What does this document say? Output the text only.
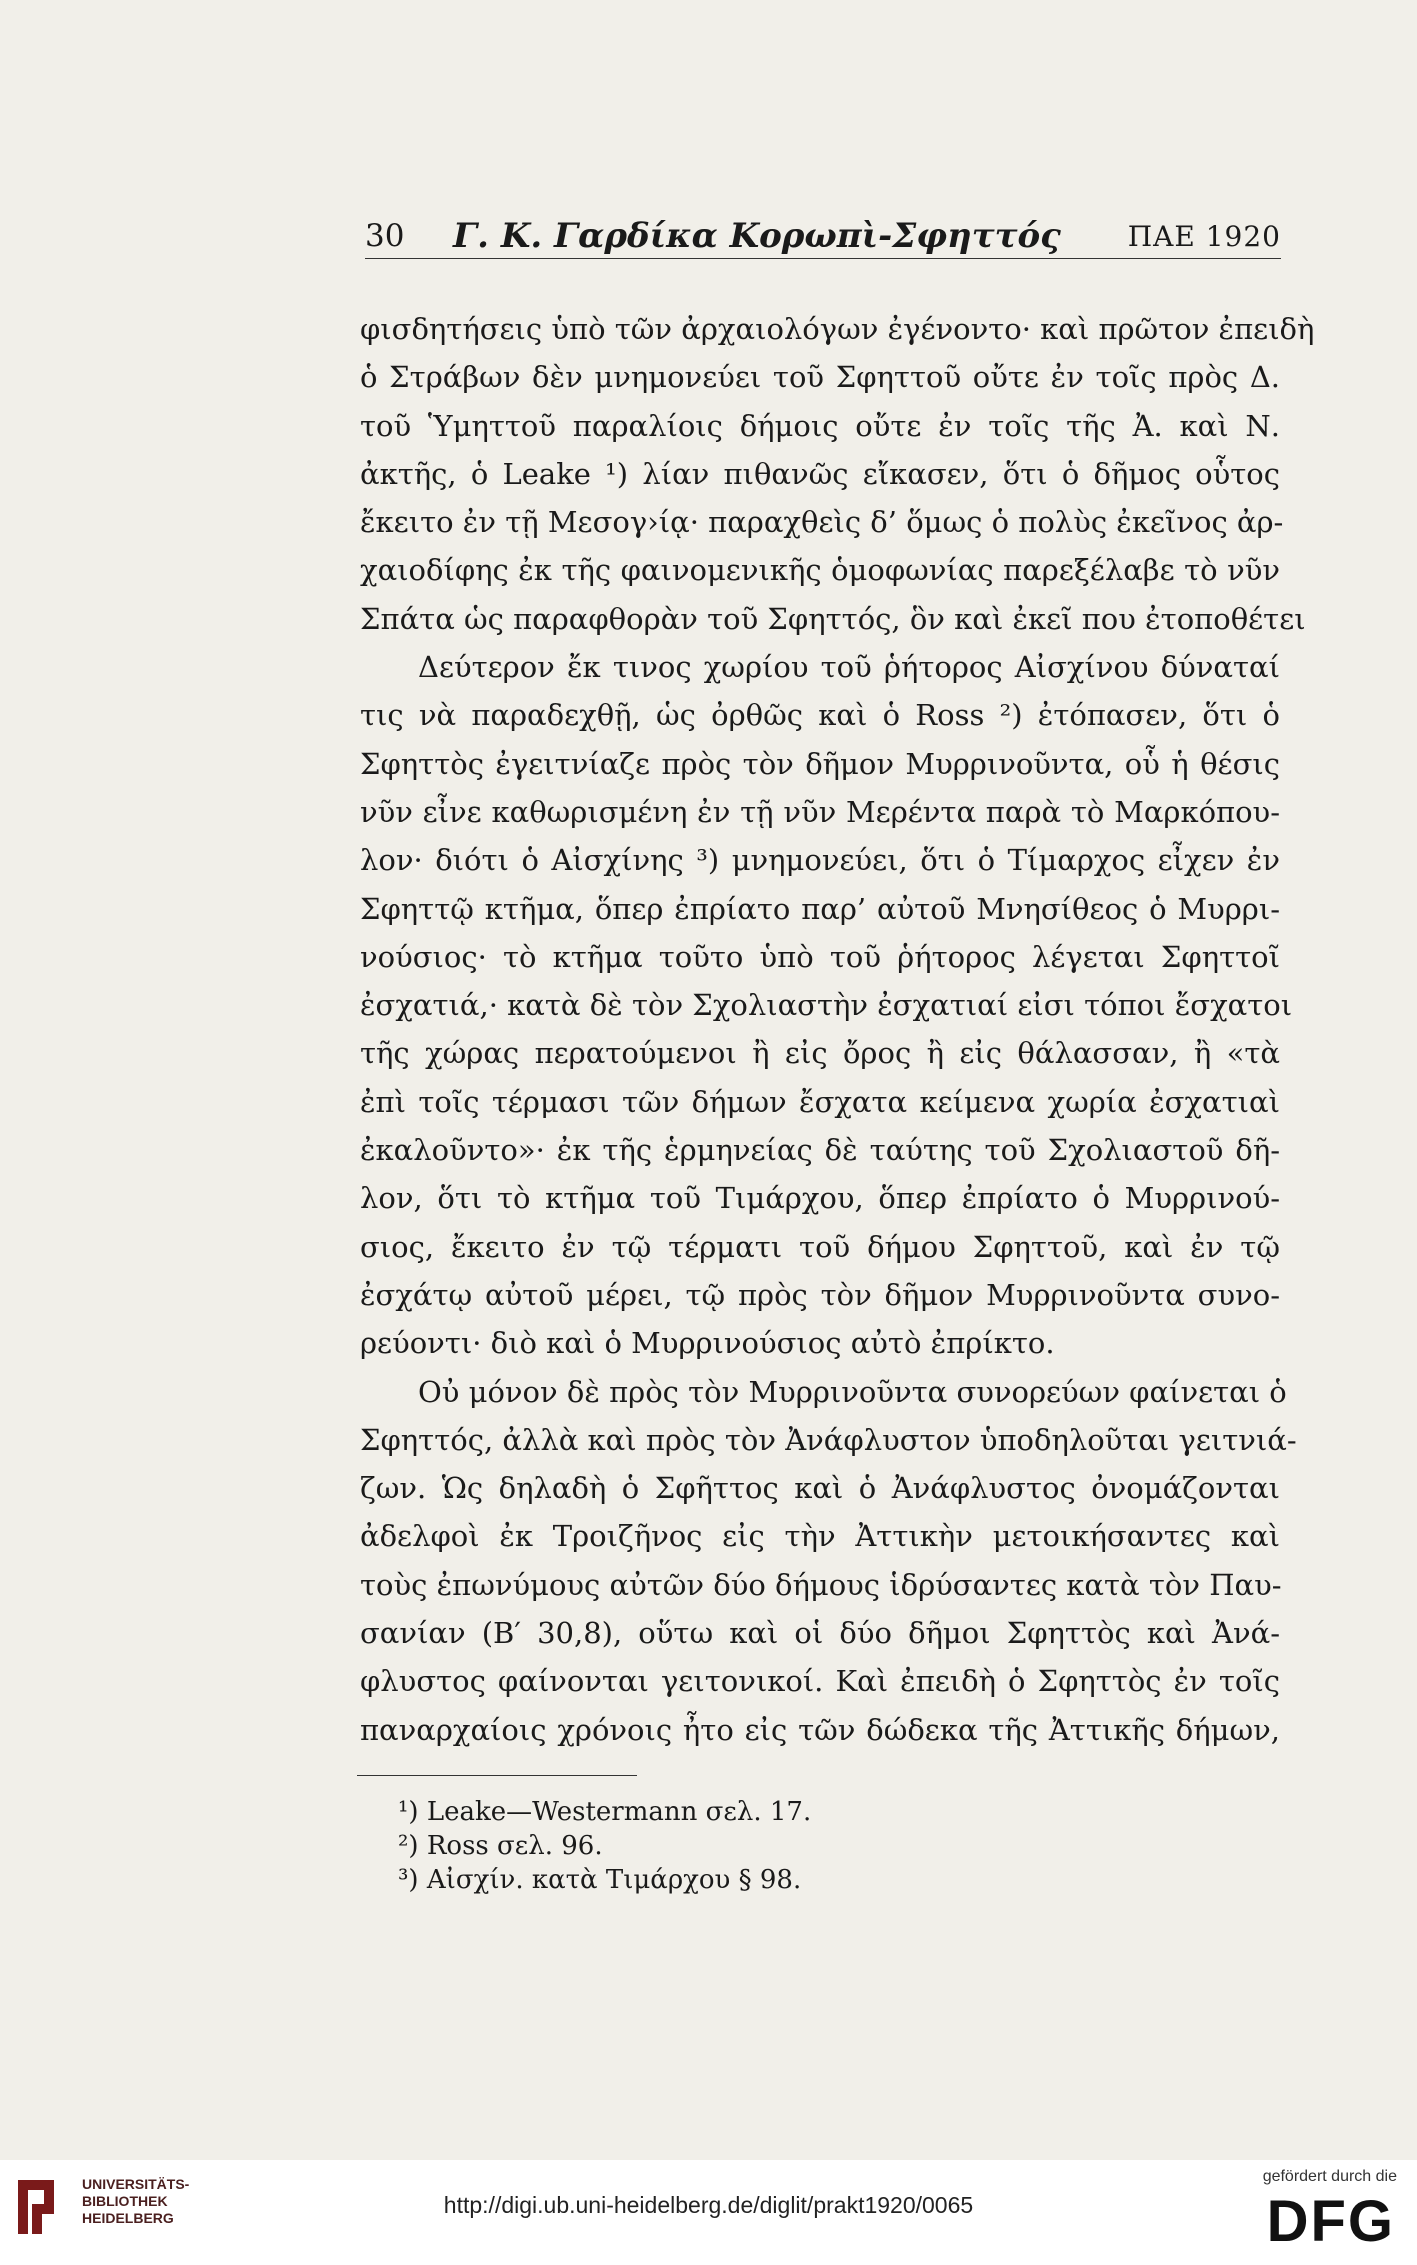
30 Γ. Κ. Γαρδίκα Κορωπὶ-Σφηττός ΠΑΕ 1920
φισδητήσεις ὑπὸ τῶν ἀρχαιολόγων ἐγένοντο· καὶ πρῶτον ἐπειδὴ
ὁ Στράβων δὲν μνημονεύει τοῦ Σφηττοῦ οὔτε ἐν τοῖς πρὸς Δ.
τοῦ Ὑμηττοῦ παραλίοις δήμοις οὔτε ἐν τοῖς τῆς Ἀ. καὶ Ν.
ἀκτῆς, ὁ Leake ¹) λίαν πιθανῶς εἴκασεν, ὅτι ὁ δῆμος οὗτος
ἔκειτο ἐν τῇ Μεσογ›ίᾳ· παραχθεὶς δ’ ὅμως ὁ πολὺς ἐκεῖνος ἀρ-
χαιοδίφης ἐκ τῆς φαινομενικῆς ὁμοφωνίας παρεξέλαβε τὸ νῦν
Σπάτα ὡς παραφθορὰν τοῦ Σφηττός, ὃν καὶ ἐκεῖ που ἐτοποθέτει
Δεύτερον ἔκ τινος χωρίου τοῦ ῥήτορος Αἰσχίνου δύναταί
τις νὰ παραδεχθῇ, ὡς ὀρθῶς καὶ ὁ Ross ²) ἐτόπασεν, ὅτι ὁ
Σφηττὸς ἐγειτνίαζε πρὸς τὸν δῆμον Μυρρινοῦντα, οὗ ἡ θέσις
νῦν εἶνε καθωρισμένη ἐν τῇ νῦν Μερέντα παρὰ τὸ Μαρκόπου-
λον· διότι ὁ Αἰσχίνης ³) μνημονεύει, ὅτι ὁ Τίμαρχος εἶχεν ἐν
Σφηττῷ κτῆμα, ὅπερ ἐπρίατο παρ’ αὐτοῦ Μνησίθεος ὁ Μυρρι-
νούσιος· τὸ κτῆμα τοῦτο ὑπὸ τοῦ ῥήτορος λέγεται Σφηττοῖ
ἐσχατιά,· κατὰ δὲ τὸν Σχολιαστὴν ἐσχατιαί εἰσι τόποι ἔσχατοι
τῆς χώρας περατούμενοι ἢ εἰς ὄρος ἢ εἰς θάλασσαν, ἢ «τὰ
ἐπὶ τοῖς τέρμασι τῶν δήμων ἔσχατα κείμενα χωρία ἐσχατιαὶ
ἐκαλοῦντο»· ἐκ τῆς ἑρμηνείας δὲ ταύτης τοῦ Σχολιαστοῦ δῆ-
λον, ὅτι τὸ κτῆμα τοῦ Τιμάρχου, ὅπερ ἐπρίατο ὁ Μυρρινού-
σιος, ἔκειτο ἐν τῷ τέρματι τοῦ δήμου Σφηττοῦ, καὶ ἐν τῷ
ἐσχάτῳ αὐτοῦ μέρει, τῷ πρὸς τὸν δῆμον Μυρρινοῦντα συνο-
ρεύοντι· διὸ καὶ ὁ Μυρρινούσιος αὐτὸ ἐπρίκτο.
Οὐ μόνον δὲ πρὸς τὸν Μυρρινοῦντα συνορεύων φαίνεται ὁ
Σφηττός, ἀλλὰ καὶ πρὸς τὸν Ἀνάφλυστον ὑποδηλοῦται γειτνιά-
ζων. Ὡς δηλαδὴ ὁ Σφῆττος καὶ ὁ Ἀνάφλυστος ὀνομάζονται
ἀδελφοὶ ἐκ Τροιζῆνος εἰς τὴν Ἀττικὴν μετοικήσαντες καὶ
τοὺς ἐπωνύμους αὐτῶν δύο δήμους ἱδρύσαντες κατὰ τὸν Παυ-
σανίαν (Β′ 30,8), οὕτω καὶ οἱ δύο δῆμοι Σφηττὸς καὶ Ἀνά-
φλυστος φαίνονται γειτονικοί. Καὶ ἐπειδὴ ὁ Σφηττὸς ἐν τοῖς
παναρχαίοις χρόνοις ἦτο εἰς τῶν δώδεκα τῆς Ἀττικῆς δήμων,
¹) Leake—Westermann σελ. 17.
²) Ross σελ. 96.
³) Αἰσχίν. κατὰ Τιμάρχου § 98.
UNIVERSITÄTS-
BIBLIOTHEK
HEIDELBERG	http://digi.ub.uni-heidelberg.de/diglit/prakt1920/0065
gefördert durch die
DFG
